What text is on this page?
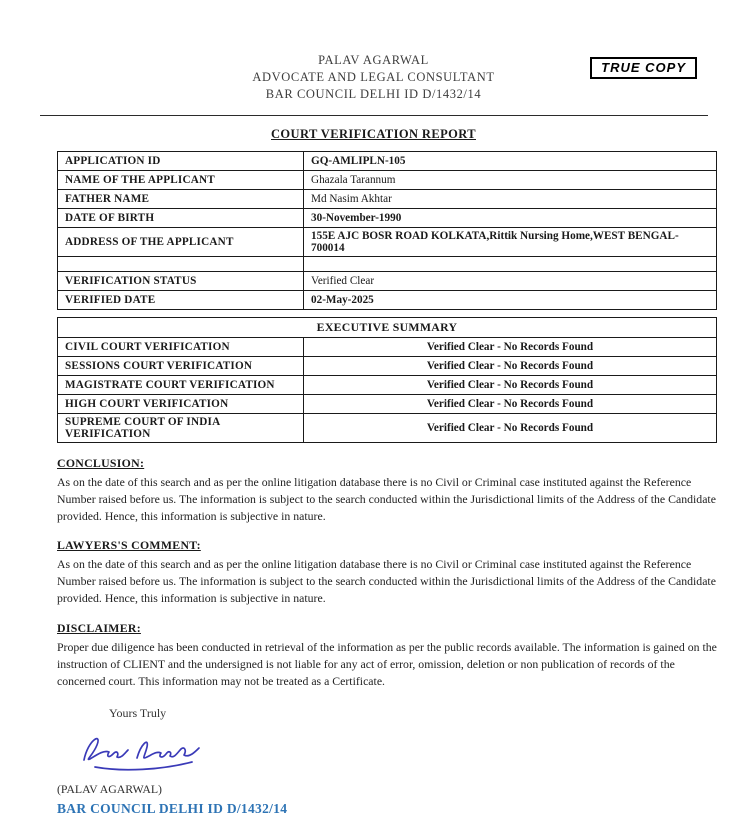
TRUE COPY
PALAV AGARWAL
ADVOCATE AND LEGAL CONSULTANT
BAR COUNCIL DELHI ID D/1432/14
COURT VERIFICATION REPORT
APPLICATION ID	GQ-AMLIPLN-105
NAME OF THE APPLICANT	Ghazala Tarannum
FATHER NAME	Md Nasim Akhtar
DATE OF BIRTH	30-November-1990
ADDRESS OF THE APPLICANT	155E AJC BOSR ROAD KOLKATA,Rittik Nursing Home,WEST BENGAL-700014

VERIFICATION STATUS	Verified Clear
VERIFIED DATE	02-May-2025
EXECUTIVE SUMMARY	
CIVIL COURT VERIFICATION	Verified Clear - No Records Found
SESSIONS COURT VERIFICATION	Verified Clear - No Records Found
MAGISTRATE COURT VERIFICATION	Verified Clear - No Records Found
HIGH COURT VERIFICATION	Verified Clear - No Records Found
SUPREME COURT OF INDIA VERIFICATION	Verified Clear - No Records Found
CONCLUSION:

As on the date of this search and as per the online litigation database there is no Civil or Criminal case instituted against the Reference Number raised before us. The information is subject to the search conducted within the Jurisdictional limits of the Address of the Candidate provided. Hence, this information is subjective in nature.

LAWYERS'S COMMENT:

As on the date of this search and as per the online litigation database there is no Civil or Criminal case instituted against the Reference Number raised before us. The information is subject to the search conducted within the Jurisdictional limits of the Address of the Candidate provided. Hence, this information is subjective in nature.

DISCLAIMER:

Proper due diligence has been conducted in retrieval of the information as per the public records available. The information is gained on the instruction of CLIENT and the undersigned is not liable for any act of error, omission, deletion or non publication of records of the concerned court. This information may not be treated as a Certificate.

Yours Truly
(PALAV AGARWAL)
BAR COUNCIL DELHI ID D/1432/14
